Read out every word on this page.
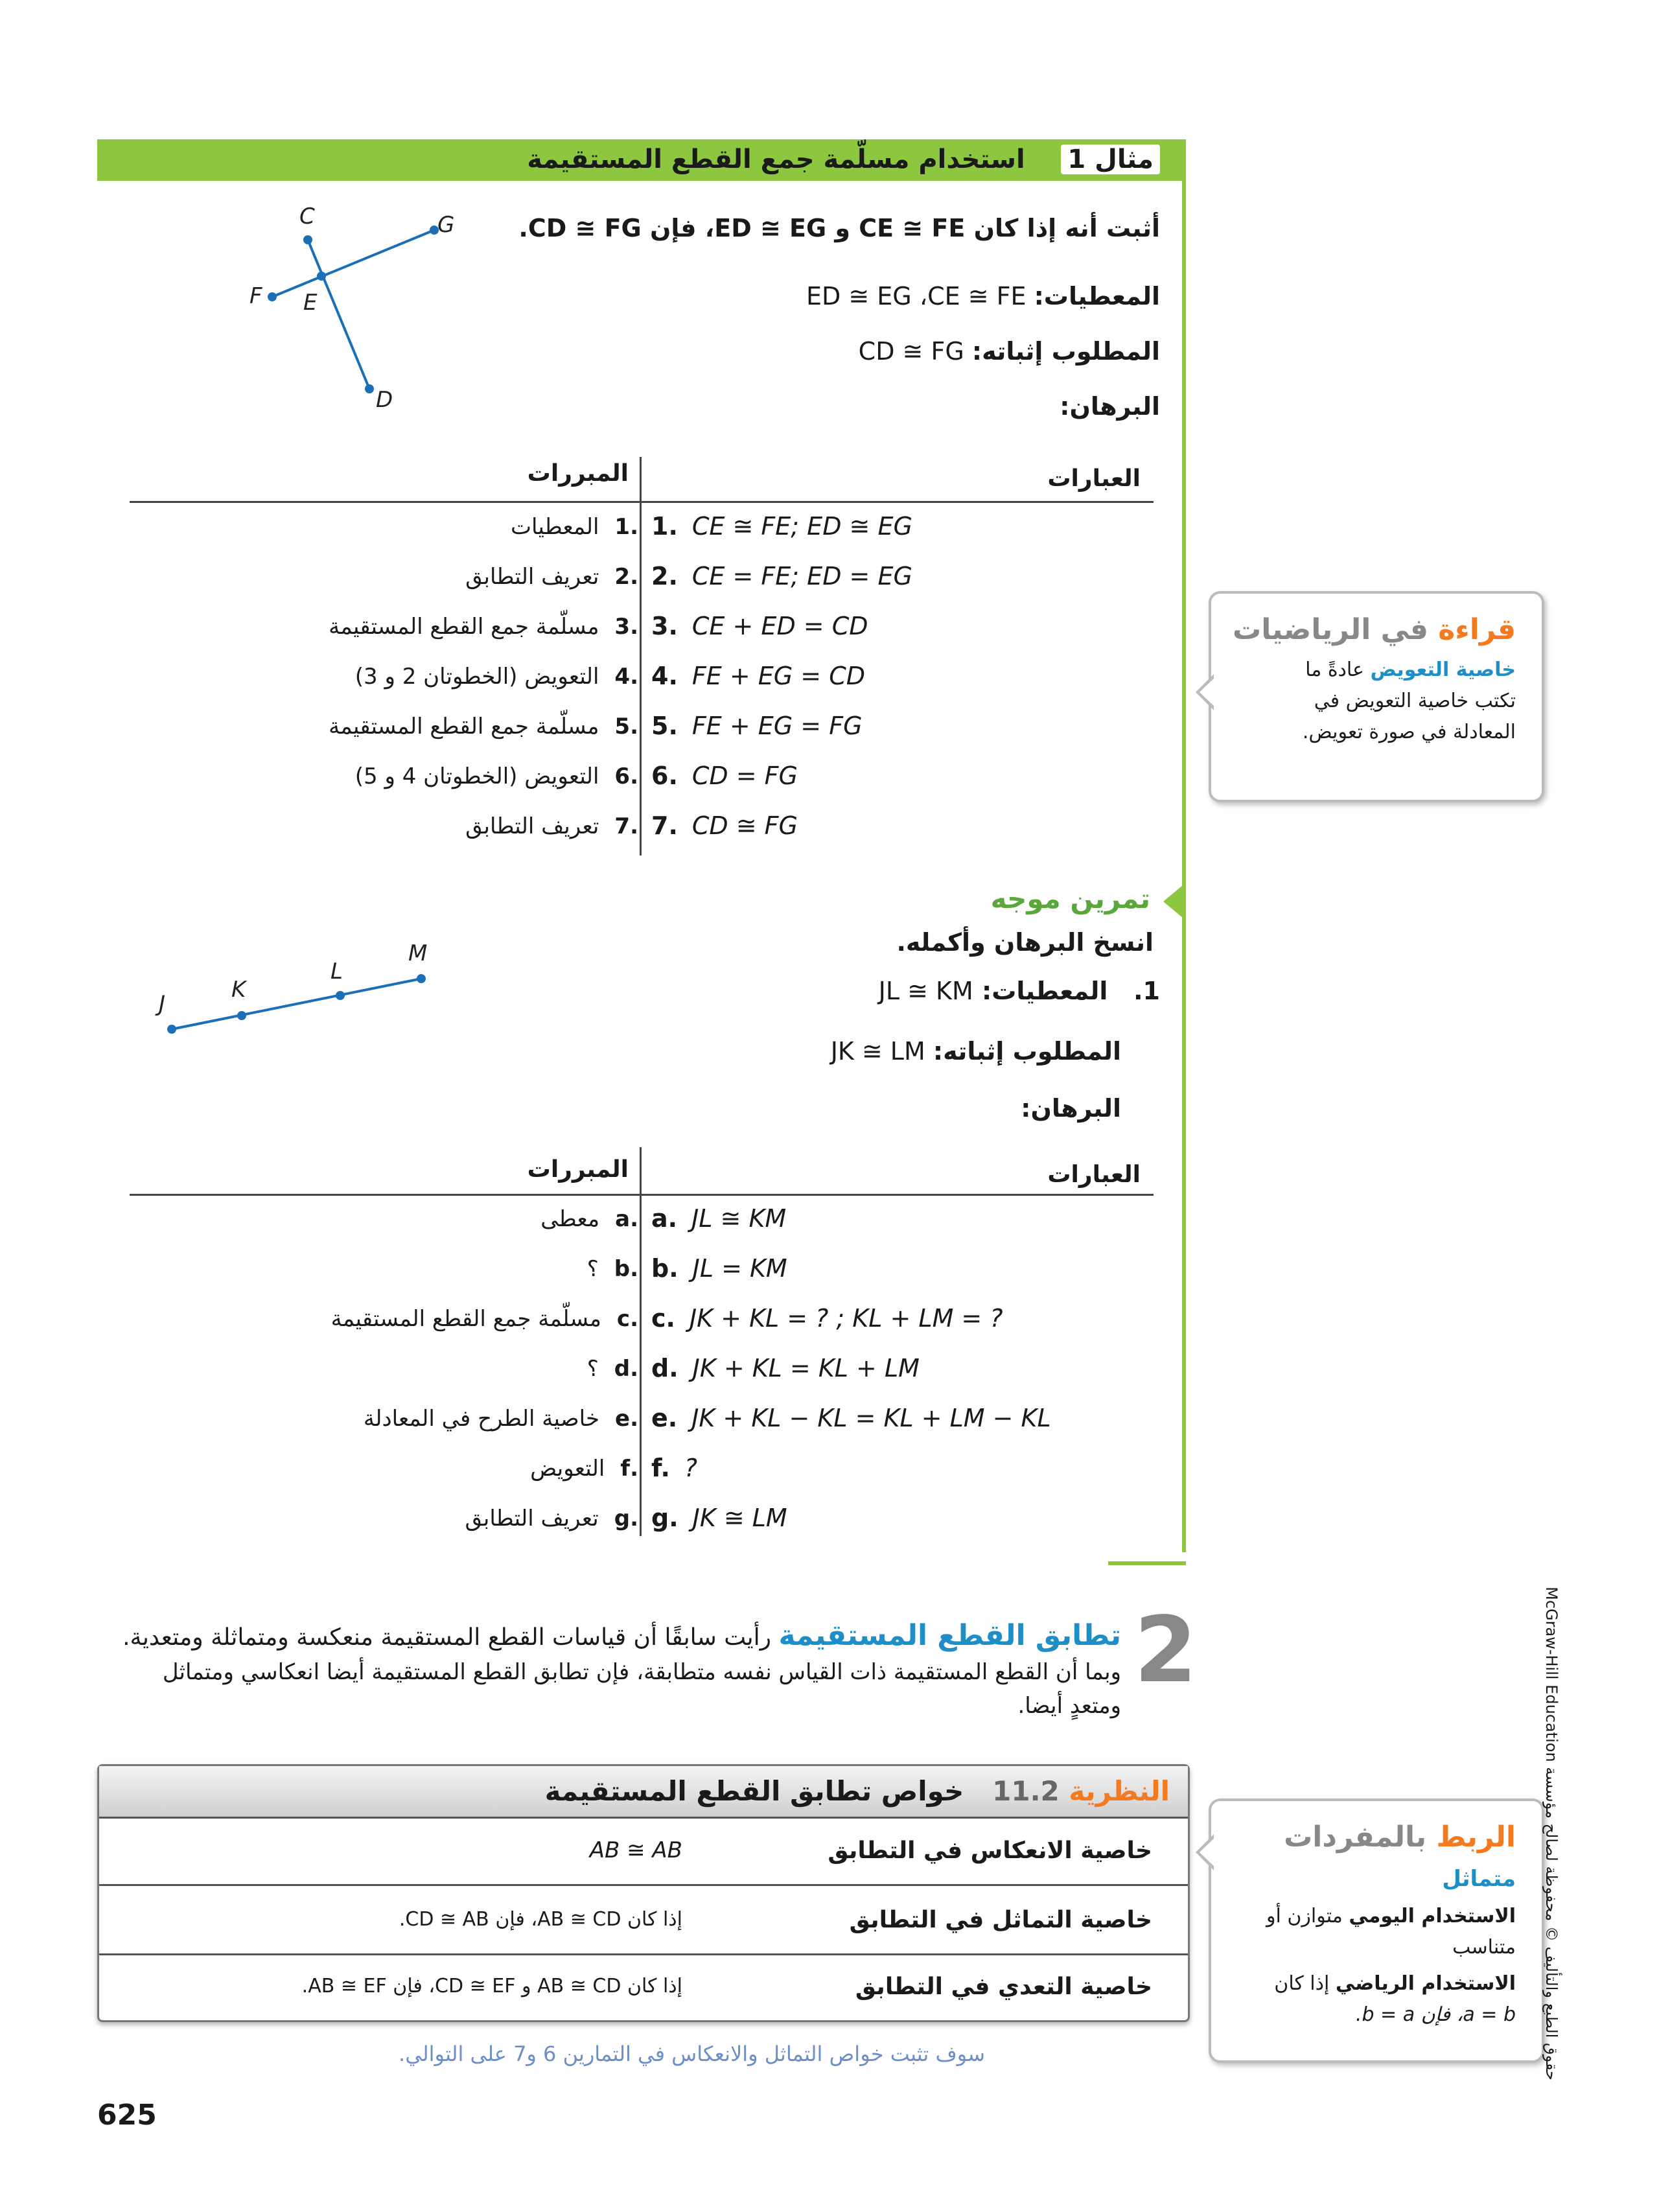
مثال 1    استخدام مسلّمة جمع القطع المستقيمة
C	G
F E
D
أثبت أنه إذا كان CE ≅ FE و ED ≅ EG، فإن CD ≅ FG.
المعطيات: ED ≅ EG ،CE ≅ FE
المطلوب إثباته: CD ≅ FG
البرهان:
العبارات
المبررات
1. CE ≅ FE; ED ≅ EG
.1المعطيات
2. CE = FE; ED = EG
.2تعريف التطابق
3. CE + ED = CD
.3مسلّمة جمع القطع المستقيمة
4. FE + EG = CD
.4التعويض (الخطوتان 2 و 3)
5. FE + EG = FG
.5مسلّمة جمع القطع المستقيمة
6. CD = FG
.6التعويض (الخطوتان 4 و 5)
7. CD ≅ FG
.7تعريف التطابق
قراءة في الرياضيات
خاصية التعويض عادةً ما
تكتب خاصية التعويض في
المعادلة في صورة تعويض.
تمرين موجه
انسخ البرهان وأكمله.
1.   المعطيات: JL ≅ KM
المطلوب إثباته: JK ≅ LM
البرهان:
J
K
L
M
العبارات
المبررات
a. JL ≅ KM
.aمعطى
b. JL = KM
.b؟
c. JK + KL = ? ; KL + LM = ?
.cمسلّمة جمع القطع المستقيمة
d. JK + KL = KL + LM
.d؟
e. JK + KL − KL = KL + LM − KL
.eخاصية الطرح في المعادلة
f. ?
.fالتعويض
g. JK ≅ LM
.gتعريف التطابق
2
تطابق القطع المستقيمة رأيت سابقًا أن قياسات القطع المستقيمة منعكسة ومتماثلة ومتعدية.
وبما أن القطع المستقيمة ذات القياس نفسه متطابقة، فإن تطابق القطع المستقيمة أيضا انعكاسي ومتماثل
ومتعدٍ أيضا.
النظرية 11.2   خواص تطابق القطع المستقيمة
خاصية الانعكاس في التطابق
AB ≅ AB
خاصية التماثل في التطابق
إذا كان AB ≅ CD، فإن CD ≅ AB.
خاصية التعدي في التطابق
إذا كان AB ≅ CD و CD ≅ EF، فإن AB ≅ EF.
سوف تثبت خواص التماثل والانعكاس في التمارين 6 و7 على التوالي.
الربط بالمفردات
متماثل
الاستخدام اليومي متوازن أو
متناسب
الاستخدام الرياضي إذا كان
a = b، فإن b = a.
حقوق الطبع والتأليف © محفوظة لصالح مؤسسة McGraw-Hill Education
625
